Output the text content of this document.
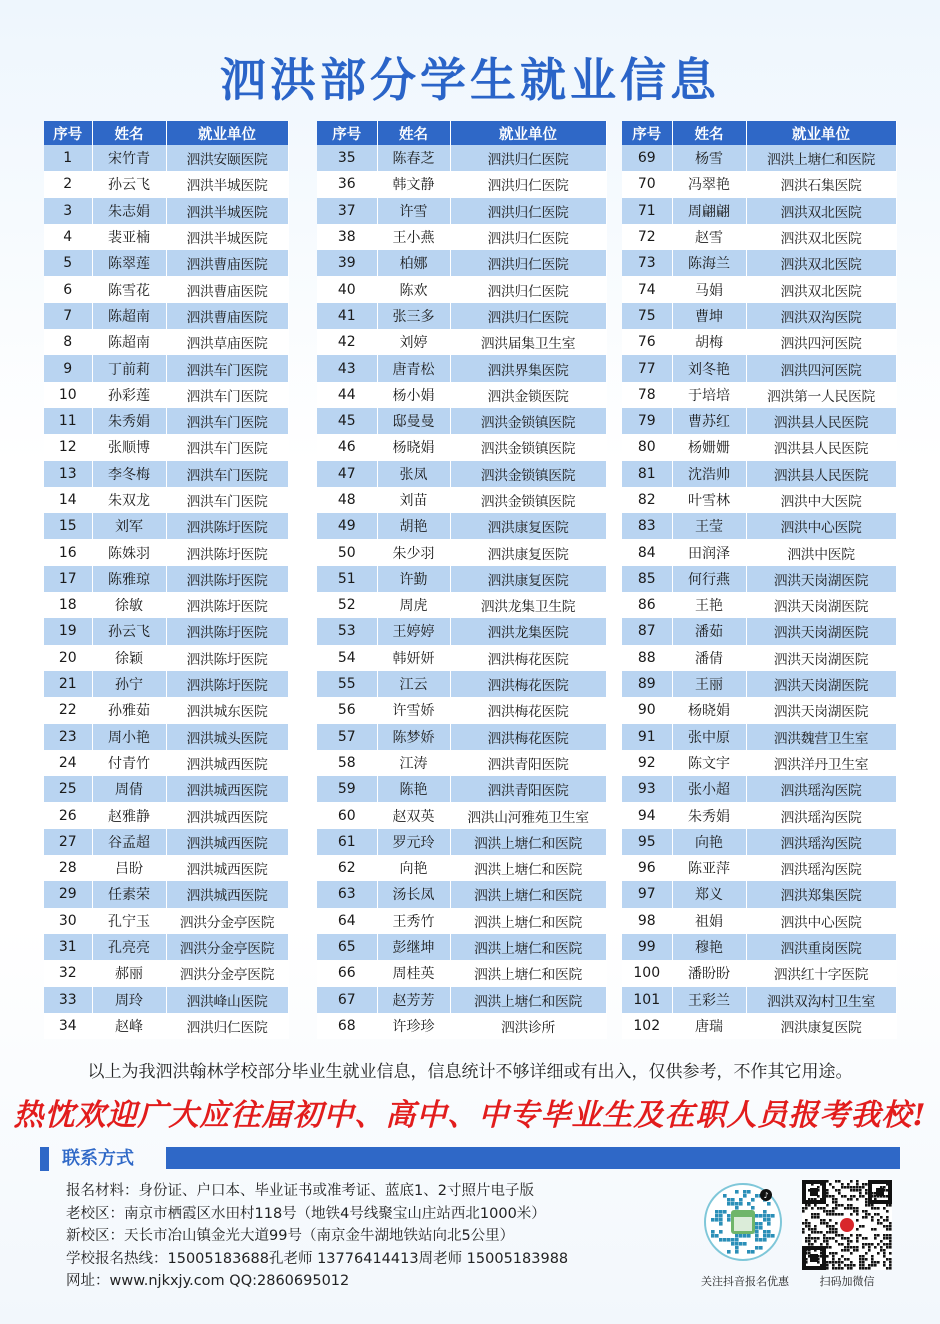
泗洪部分学生就业信息
序号	姓名	就业单位
1	宋竹青	泗洪安颐医院
2	孙云飞	泗洪半城医院
3	朱志娟	泗洪半城医院
4	裴亚楠	泗洪半城医院
5	陈翠莲	泗洪曹庙医院
6	陈雪花	泗洪曹庙医院
7	陈超南	泗洪曹庙医院
8	陈超南	泗洪草庙医院
9	丁前莉	泗洪车门医院
10	孙彩莲	泗洪车门医院
11	朱秀娟	泗洪车门医院
12	张顺博	泗洪车门医院
13	李冬梅	泗洪车门医院
14	朱双龙	泗洪车门医院
15	刘军	泗洪陈圩医院
16	陈姝羽	泗洪陈圩医院
17	陈雅琼	泗洪陈圩医院
18	徐敏	泗洪陈圩医院
19	孙云飞	泗洪陈圩医院
20	徐颖	泗洪陈圩医院
21	孙宁	泗洪陈圩医院
22	孙雅茹	泗洪城东医院
23	周小艳	泗洪城头医院
24	付青竹	泗洪城西医院
25	周倩	泗洪城西医院
26	赵雅静	泗洪城西医院
27	谷孟超	泗洪城西医院
28	吕盼	泗洪城西医院
29	任素荣	泗洪城西医院
30	孔宁玉	泗洪分金亭医院
31	孔亮亮	泗洪分金亭医院
32	郝丽	泗洪分金亭医院
33	周玲	泗洪峰山医院
34	赵峰	泗洪归仁医院
序号	姓名	就业单位
35	陈春芝	泗洪归仁医院
36	韩文静	泗洪归仁医院
37	许雪	泗洪归仁医院
38	王小燕	泗洪归仁医院
39	柏娜	泗洪归仁医院
40	陈欢	泗洪归仁医院
41	张三多	泗洪归仁医院
42	刘婷	泗洪届集卫生室
43	唐青松	泗洪界集医院
44	杨小娟	泗洪金锁医院
45	邸曼曼	泗洪金锁镇医院
46	杨晓娟	泗洪金锁镇医院
47	张凤	泗洪金锁镇医院
48	刘苗	泗洪金锁镇医院
49	胡艳	泗洪康复医院
50	朱少羽	泗洪康复医院
51	许勤	泗洪康复医院
52	周虎	泗洪龙集卫生院
53	王婷婷	泗洪龙集医院
54	韩妍妍	泗洪梅花医院
55	江云	泗洪梅花医院
56	许雪娇	泗洪梅花医院
57	陈梦娇	泗洪梅花医院
58	江涛	泗洪青阳医院
59	陈艳	泗洪青阳医院
60	赵双英	泗洪山河雅苑卫生室
61	罗元玲	泗洪上塘仁和医院
62	向艳	泗洪上塘仁和医院
63	汤长凤	泗洪上塘仁和医院
64	王秀竹	泗洪上塘仁和医院
65	彭继坤	泗洪上塘仁和医院
66	周桂英	泗洪上塘仁和医院
67	赵芳芳	泗洪上塘仁和医院
68	许珍珍	泗洪诊所
序号	姓名	就业单位
69	杨雪	泗洪上塘仁和医院
70	冯翠艳	泗洪石集医院
71	周翩翩	泗洪双北医院
72	赵雪	泗洪双北医院
73	陈海兰	泗洪双北医院
74	马娟	泗洪双北医院
75	曹坤	泗洪双沟医院
76	胡梅	泗洪四河医院
77	刘冬艳	泗洪四河医院
78	于培培	泗洪第一人民医院
79	曹苏红	泗洪县人民医院
80	杨姗姗	泗洪县人民医院
81	沈浩帅	泗洪县人民医院
82	叶雪林	泗洪中大医院
83	王莹	泗洪中心医院
84	田润泽	泗洪中医院
85	何行燕	泗洪天岗湖医院
86	王艳	泗洪天岗湖医院
87	潘茹	泗洪天岗湖医院
88	潘倩	泗洪天岗湖医院
89	王丽	泗洪天岗湖医院
90	杨晓娟	泗洪天岗湖医院
91	张中原	泗洪魏营卫生室
92	陈文宇	泗洪洋丹卫生室
93	张小超	泗洪瑶沟医院
94	朱秀娟	泗洪瑶沟医院
95	向艳	泗洪瑶沟医院
96	陈亚萍	泗洪瑶沟医院
97	郑义	泗洪郑集医院
98	祖娟	泗洪中心医院
99	穆艳	泗洪重岗医院
100	潘盼盼	泗洪红十字医院
101	王彩兰	泗洪双沟村卫生室
102	唐瑞	泗洪康复医院
以上为我泗洪翰林学校部分毕业生就业信息，信息统计不够详细或有出入，仅供参考，不作其它用途。
热忱欢迎广大应往届初中、高中、中专毕业生及在职人员报考我校!
联系方式
报名材料：身份证、户口本、毕业证书或准考证、蓝底1、2寸照片电子版
老校区：南京市栖霞区水田村118号（地铁4号线聚宝山庄站西北1000米）
新校区：天长市冶山镇金光大道99号（南京金牛湖地铁站向北5公里）
学校报名热线：15005183688孔老师 13776414413周老师 15005183988
网址：www.njkxjy.com QQ:2860695012
♪
关注抖音报名优惠	扫码加微信
